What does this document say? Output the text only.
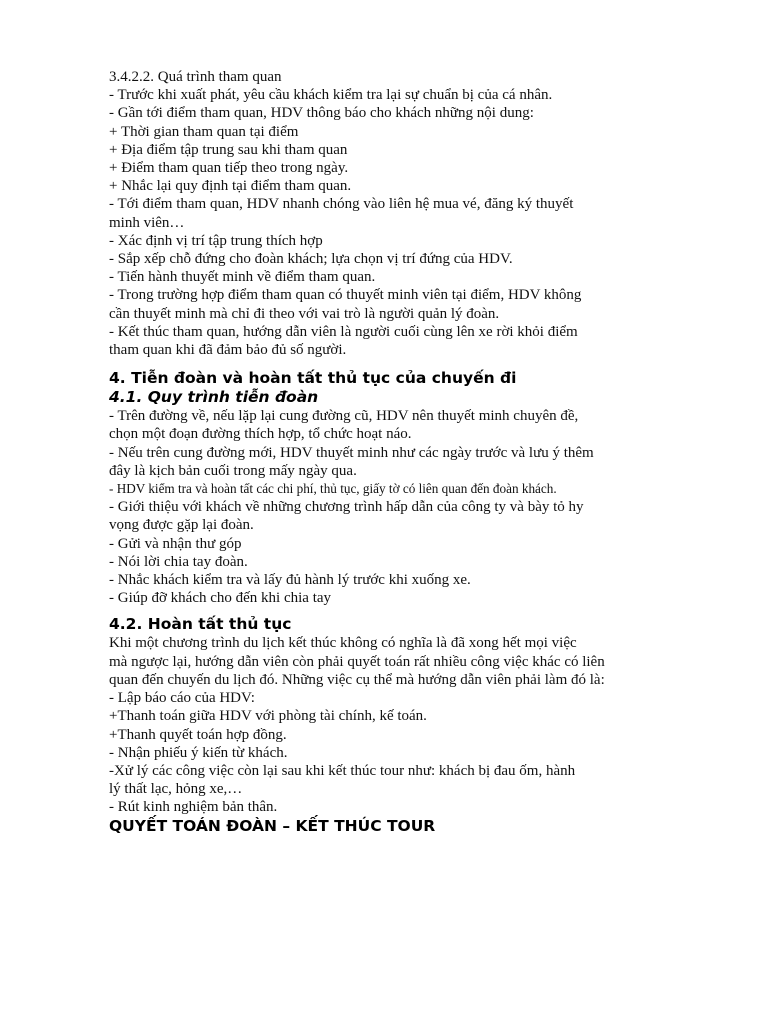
3.4.2.2. Quá trình tham quan

- Trước khi xuất phát, yêu cầu khách kiểm tra lại sự chuẩn bị của cá nhân.

- Gần tới điểm tham quan, HDV thông báo cho khách những nội dung:

+ Thời gian tham quan tại điểm

+ Địa điểm tập trung sau khi tham quan

+ Điểm tham quan tiếp theo trong ngày.

+ Nhắc lại quy định tại điểm tham quan.

- Tới điểm tham quan, HDV nhanh chóng vào liên hệ mua vé, đăng ký thuyết

minh viên…

- Xác định vị trí tập trung thích hợp

- Sắp xếp chỗ đứng cho đoàn khách; lựa chọn vị trí đứng của HDV.

- Tiến hành thuyết minh về điểm tham quan.

- Trong trường hợp điểm tham quan có thuyết minh viên tại điểm, HDV không

cần thuyết minh mà chỉ đi theo với vai trò là người quản lý đoàn.

- Kết thúc tham quan, hướng dẫn viên là người cuối cùng lên xe rời khỏi điểm

tham quan khi đã đảm bảo đủ số người.

4. Tiễn đoàn và hoàn tất thủ tục của chuyến đi
4.1. Quy trình tiễn đoàn

- Trên đường về, nếu lặp lại cung đường cũ, HDV nên thuyết minh chuyên đề,

chọn một đoạn đường thích hợp, tổ chức hoạt náo.

- Nếu trên cung đường mới, HDV thuyết minh như các ngày trước và lưu ý thêm

đây là kịch bản cuối trong mấy ngày qua.

- HDV kiểm tra và hoàn tất các chi phí, thủ tục, giấy tờ có liên quan đến đoàn khách.

- Giới thiệu với khách về những chương trình hấp dẫn của công ty và bày tỏ hy

vọng được gặp lại đoàn.

- Gửi và nhận thư góp

- Nói lời chia tay đoàn.

- Nhắc khách kiểm tra và lấy đủ hành lý trước khi xuống xe.

- Giúp đỡ khách cho đến khi chia tay

4.2. Hoàn tất thủ tục

Khi một chương trình du lịch kết thúc không có nghĩa là đã xong hết mọi việc

mà ngược lại, hướng dẫn viên còn phải quyết toán rất nhiều công việc khác có liên

quan đến chuyến du lịch đó. Những việc cụ thể mà hướng dẫn viên phải làm đó là:

- Lập báo cáo của HDV:

+Thanh toán giữa HDV với phòng tài chính, kế toán.

+Thanh quyết toán hợp đồng.

- Nhận phiếu ý kiến từ khách.

-Xử lý các công việc còn lại sau khi kết thúc tour như: khách bị đau ốm, hành

lý thất lạc, hỏng xe,…

- Rút kinh nghiệm bản thân.

QUYẾT TOÁN ĐOÀN – KẾT THÚC TOUR
